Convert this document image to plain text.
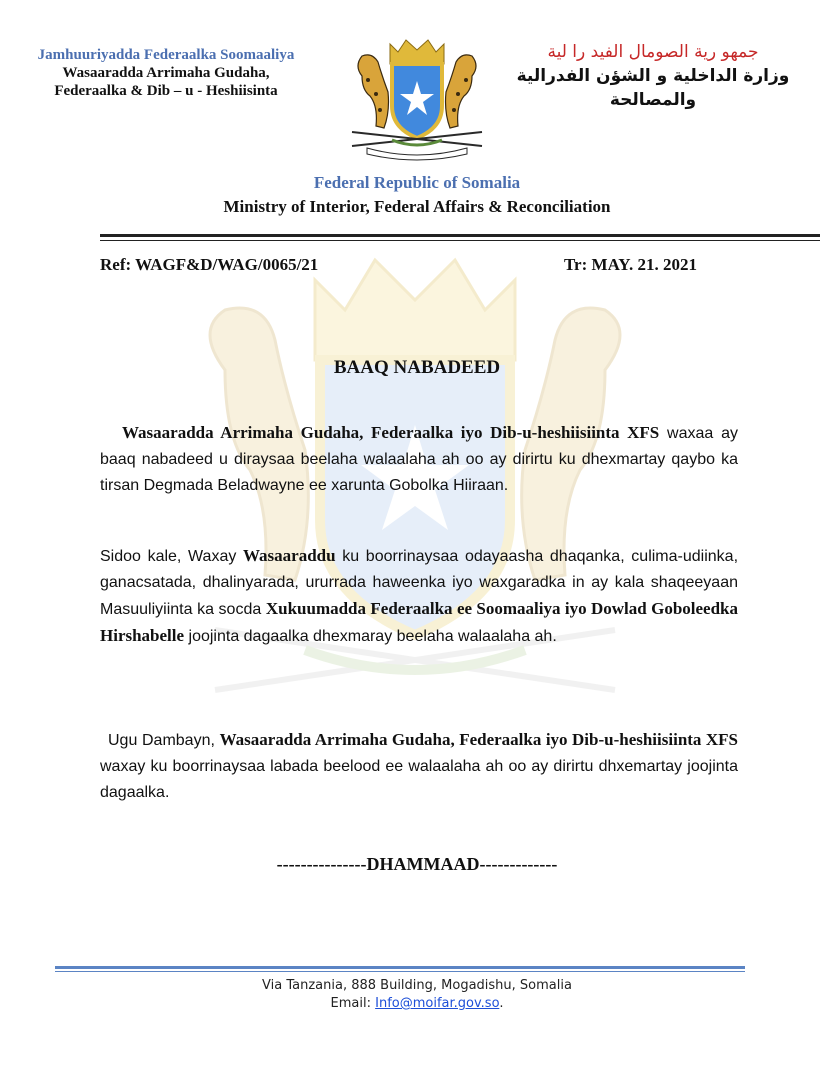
Jamhuuriyadda Federaalka Soomaaliya
Wasaaradda Arrimaha Gudaha,
Federaalka & Dib – u - Heshiisinta
جمهو رية الصومال الفيد را لية
وزارة الداخلية و الشؤن الفدرالية
والمصالحة
Federal Republic of Somalia
Ministry of Interior, Federal Affairs & Reconciliation
Ref: WAGF&D/WAG/0065/21	Tr: MAY. 21. 2021
BAAQ NABADEED
Wasaaradda Arrimaha Gudaha, Federaalka iyo Dib-u-heshiisiinta XFS waxaa ay baaq nabadeed u diraysaa beelaha walaalaha ah oo ay dirirtu ku dhexmartay qaybo ka tirsan Degmada Beladwayne ee xarunta Gobolka Hiiraan.
Sidoo kale, Waxay Wasaaraddu ku boorrinaysaa odayaasha dhaqanka, culima-udiinka, ganacsatada, dhalinyarada, ururrada haweenka iyo waxgaradka in ay kala shaqeeyaan Masuuliyiinta ka socda Xukuumadda Federaalka ee Soomaaliya iyo Dowlad Goboleedka Hirshabelle joojinta dagaalka dhexmaray beelaha walaalaha ah.
Ugu Dambayn, Wasaaradda Arrimaha Gudaha, Federaalka iyo Dib-u-heshiisiinta XFS waxay ku boorrinaysaa labada beelood ee walaalaha ah oo ay dirirtu dhxemartay joojinta dagaalka.
---------------DHAMMAAD-------------
Via Tanzania, 888 Building, Mogadishu, Somalia
Email: Info@moifar.gov.so.
